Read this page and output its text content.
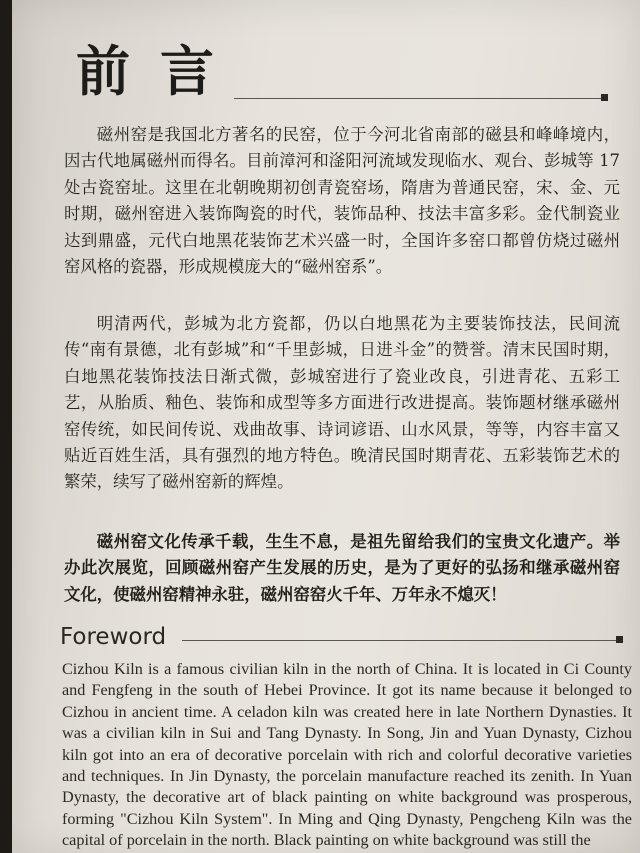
前言

磁州窑是我国北方著名的民窑，位于今河北省南部的磁县和峰峰境内，因古代地属磁州而得名。目前漳河和滏阳河流域发现临水、观台、彭城等 17 处古瓷窑址。这里在北朝晚期初创青瓷窑场，隋唐为普通民窑，宋、金、元时期，磁州窑进入装饰陶瓷的时代，装饰品种、技法丰富多彩。金代制瓷业达到鼎盛，元代白地黑花装饰艺术兴盛一时，全国许多窑口都曾仿烧过磁州窑风格的瓷器，形成规模庞大的“磁州窑系”。

明清两代，彭城为北方瓷都，仍以白地黑花为主要装饰技法，民间流传“南有景德，北有彭城”和“千里彭城，日进斗金”的赞誉。清末民国时期，白地黑花装饰技法日渐式微，彭城窑进行了瓷业改良，引进青花、五彩工艺，从胎质、釉色、装饰和成型等多方面进行改进提高。装饰题材继承磁州窑传统，如民间传说、戏曲故事、诗词谚语、山水风景，等等，内容丰富又贴近百姓生活，具有强烈的地方特色。晚清民国时期青花、五彩装饰艺术的繁荣，续写了磁州窑新的辉煌。

磁州窑文化传承千载，生生不息，是祖先留给我们的宝贵文化遗产。举办此次展览，回顾磁州窑产生发展的历史，是为了更好的弘扬和继承磁州窑文化，使磁州窑精神永驻，磁州窑窑火千年、万年永不熄灭！

Foreword

Cizhou Kiln is a famous civilian kiln in the north of China. It is located in Ci County and Fengfeng in the south of Hebei Province. It got its name because it belonged to Cizhou in ancient time. A celadon kiln was created here in late Northern Dynasties. It was a civilian kiln in Sui and Tang Dynasty. In Song, Jin and Yuan Dynasty, Cizhou kiln got into an era of decorative porcelain with rich and colorful decorative varieties and techniques. In Jin Dynasty, the porcelain manufacture reached its zenith. In Yuan Dynasty, the decorative art of black painting on white background was prosperous, forming "Cizhou Kiln System". In Ming and Qing Dynasty, Pengcheng Kiln was the capital of porcelain in the north. Black painting on white background was still the
